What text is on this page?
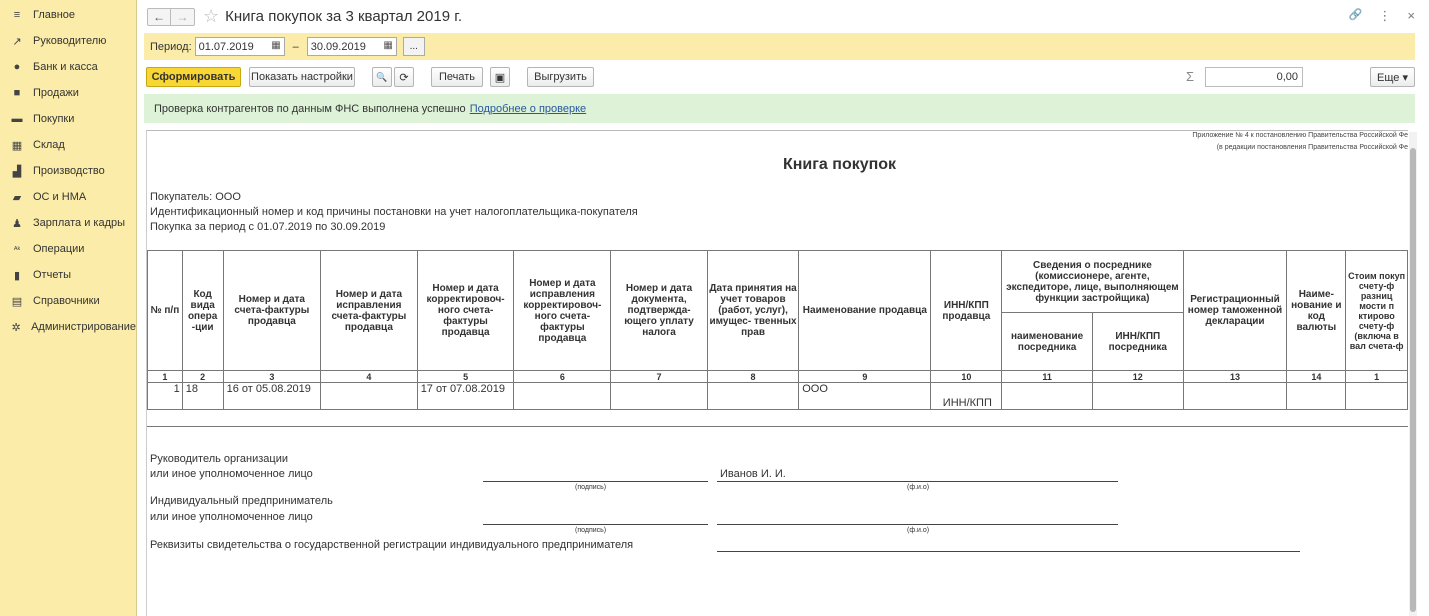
≡	Главное
↗ Руководителю
●	Банк и касса
■	Продажи
▬ Покупки
▦ Склад
▟ Производство
▰ ОС и НМА
♟ Зарплата и кадры
ᴬᵏ	Операции
▮	Отчеты
▤ Справочники
✲ Администрирование
← → ☆ Книга покупок за 3 квартал 2019 г.	🔗 ⋮ ×
Период: 01.07.2019 ▦ – 30.09.2019 ▦	...
Сформировать	Показать настройки	🔍 ⟳	Печать	▣	Выгрузить	Σ	0,00	Еще ▾
Проверка контрагентов по данным ФНС выполнена успешно Подробнее о проверке
Приложение № 4 к постановлению Правительства Российской Фе
(в редакции постановления Правительства Российской Фе
Книга покупок
Покупатель: ООО
Идентификационный номер и код причины постановки на учет налогоплательщика-покупателя
Покупка за период с 01.07.2019 по 30.09.2019
№ п/п	Код вида опера -ции	Номер и дата счета-фактуры продавца	Номер и дата исправления счета-фактуры продавца	Номер и дата корректировоч- ного счета-фактуры продавца	Номер и дата исправления корректировоч- ного счета-фактуры продавца	Номер и дата документа, подтвержда- ющего уплату налога	Дата принятия на учет товаров (работ, услуг), имущес- твенных прав	Наименование продавца	ИНН/КПП продавца	Сведения о посреднике (комиссионере, агенте, экспедиторе, лице, выполняющем функции застройщика)	Регистрационный номер таможенной декларации	Наиме- нование и код валюты	Стоим покуп счету-ф разниц мости п ктирово счету-ф (включа в вал счета-ф
наименование посредника	ИНН/КПП посредника
1	2	3	4	5	6	7	8	9	10	11	12	13	14	1
1	18	16 от 05.08.2019		17 от 07.08.2019				ООО	ИНН/КПП					
Руководитель организации
или иное уполномоченное лицо	Иванов И. И.
(подпись)	(ф.и.о)
Индивидуальный предприниматель
или иное уполномоченное лицо
(подпись)	(ф.и.о)
Реквизиты свидетельства о государственной регистрации индивидуального предпринимателя
